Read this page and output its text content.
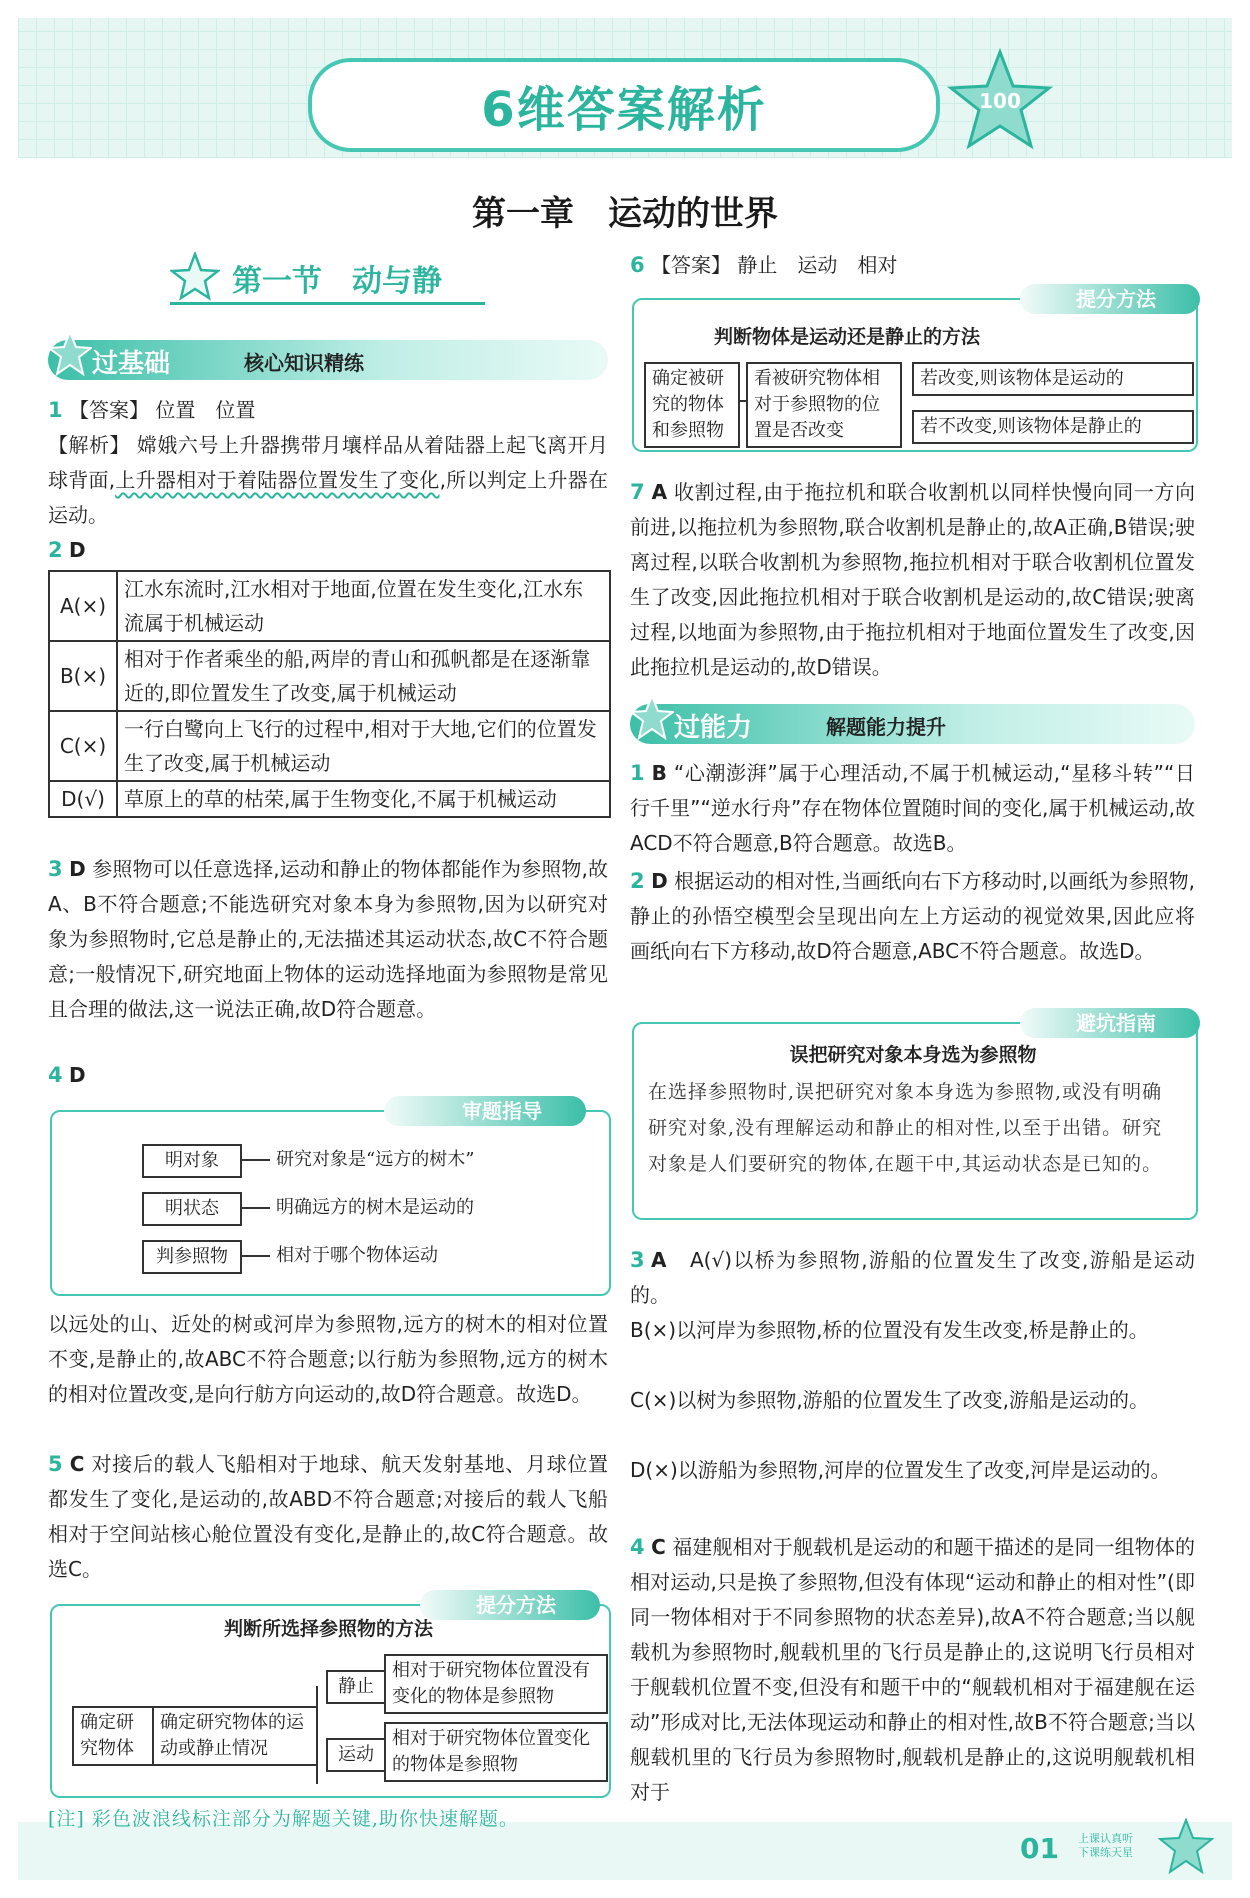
6维答案解析	100
第一章　运动的世界
第一节　动与静
过基础	核心知识精练
1 【答案】 位置　位置
【解析】 嫦娥六号上升器携带月壤样品从着陆器上起飞离开月球背面,上升器相对于着陆器位置发生了变化,所以判定上升器在运动。
2 D
A(×)	江水东流时,江水相对于地面,位置在发生变化,江水东流属于机械运动
B(×)	相对于作者乘坐的船,两岸的青山和孤帆都是在逐渐靠近的,即位置发生了改变,属于机械运动
C(×)	一行白鹭向上飞行的过程中,相对于大地,它们的位置发生了改变,属于机械运动
D(√)	草原上的草的枯荣,属于生物变化,不属于机械运动
3 D 参照物可以任意选择,运动和静止的物体都能作为参照物,故A、B不符合题意;不能选研究对象本身为参照物,因为以研究对象为参照物时,它总是静止的,无法描述其运动状态,故C不符合题意;一般情况下,研究地面上物体的运动选择地面为参照物是常见且合理的做法,这一说法正确,故D符合题意。
4 D
审题指导
明对象	研究对象是“远方的树木”
明状态	明确远方的树木是运动的
判参照物	相对于哪个物体运动
以远处的山、近处的树或河岸为参照物,远方的树木的相对位置不变,是静止的,故ABC不符合题意;以行舫为参照物,远方的树木的相对位置改变,是向行舫方向运动的,故D符合题意。故选D。
5 C 对接后的载人飞船相对于地球、航天发射基地、月球位置都发生了变化,是运动的,故ABD不符合题意;对接后的载人飞船相对于空间站核心舱位置没有变化,是静止的,故C符合题意。故选C。
提分方法
判断所选择参照物的方法
确定研究物体
确定研究物体的运动或静止情况
静止
运动
相对于研究物体位置没有变化的物体是参照物
相对于研究物体位置变化的物体是参照物
6 【答案】 静止　运动　相对
提分方法
判断物体是运动还是静止的方法
确定被研究的物体和参照物
看被研究物体相对于参照物的位置是否改变
若改变,则该物体是运动的
若不改变,则该物体是静止的
7 A 收割过程,由于拖拉机和联合收割机以同样快慢向同一方向前进,以拖拉机为参照物,联合收割机是静止的,故A正确,B错误;驶离过程,以联合收割机为参照物,拖拉机相对于联合收割机位置发生了改变,因此拖拉机相对于联合收割机是运动的,故C错误;驶离过程,以地面为参照物,由于拖拉机相对于地面位置发生了改变,因此拖拉机是运动的,故D错误。
过能力	解题能力提升
1 B “心潮澎湃”属于心理活动,不属于机械运动,“星移斗转”“日行千里”“逆水行舟”存在物体位置随时间的变化,属于机械运动,故ACD不符合题意,B符合题意。故选B。
2 D 根据运动的相对性,当画纸向右下方移动时,以画纸为参照物,静止的孙悟空模型会呈现出向左上方运动的视觉效果,因此应将画纸向右下方移动,故D符合题意,ABC不符合题意。故选D。
避坑指南
误把研究对象本身选为参照物
在选择参照物时,误把研究对象本身选为参照物,或没有明确研究对象,没有理解运动和静止的相对性,以至于出错。研究对象是人们要研究的物体,在题干中,其运动状态是已知的。
3 A	A(√)以桥为参照物,游船的位置发生了改变,游船是运动的。
B(×)以河岸为参照物,桥的位置没有发生改变,桥是静止的。
C(×)以树为参照物,游船的位置发生了改变,游船是运动的。
D(×)以游船为参照物,河岸的位置发生了改变,河岸是运动的。
4 C 福建舰相对于舰载机是运动的和题干描述的是同一组物体的相对运动,只是换了参照物,但没有体现“运动和静止的相对性”(即同一物体相对于不同参照物的状态差异),故A不符合题意;当以舰载机为参照物时,舰载机里的飞行员是静止的,这说明飞行员相对于舰载机位置不变,但没有和题干中的“舰载机相对于福建舰在运动”形成对比,无法体现运动和静止的相对性,故B不符合题意;当以舰载机里的飞行员为参照物时,舰载机是静止的,这说明舰载机相对于
[注] 彩色波浪线标注部分为解题关键,助你快速解题。
01 上课认真听
下课练天星
